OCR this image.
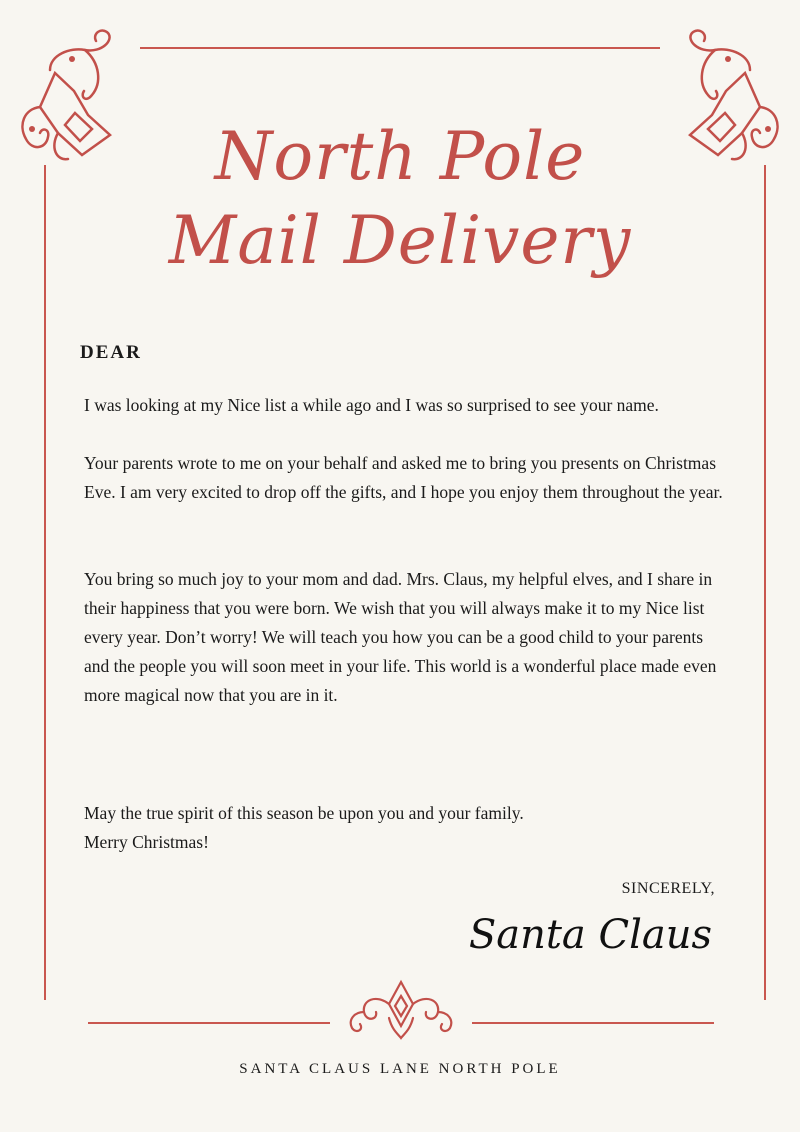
North Pole
Mail Delivery
DEAR

I was looking at my Nice list a while ago and I was so surprised to see your name.

Your parents wrote to me on your behalf and asked me to bring you presents on Christmas Eve. I am very excited to drop off the gifts, and I hope you enjoy them throughout the year.

You bring so much joy to your mom and dad. Mrs. Claus, my helpful elves, and I share in their happiness that you were born. We wish that you will always make it to my Nice list every year. Don’t worry! We will teach you how you can be a good child to your parents and the people you will soon meet in your life. This world is a wonderful place made even more magical now that you are in it.

May the true spirit of this season be upon you and your family.

Merry Christmas!

SINCERELY,
Santa Claus
SANTA CLAUS LANE NORTH POLE
